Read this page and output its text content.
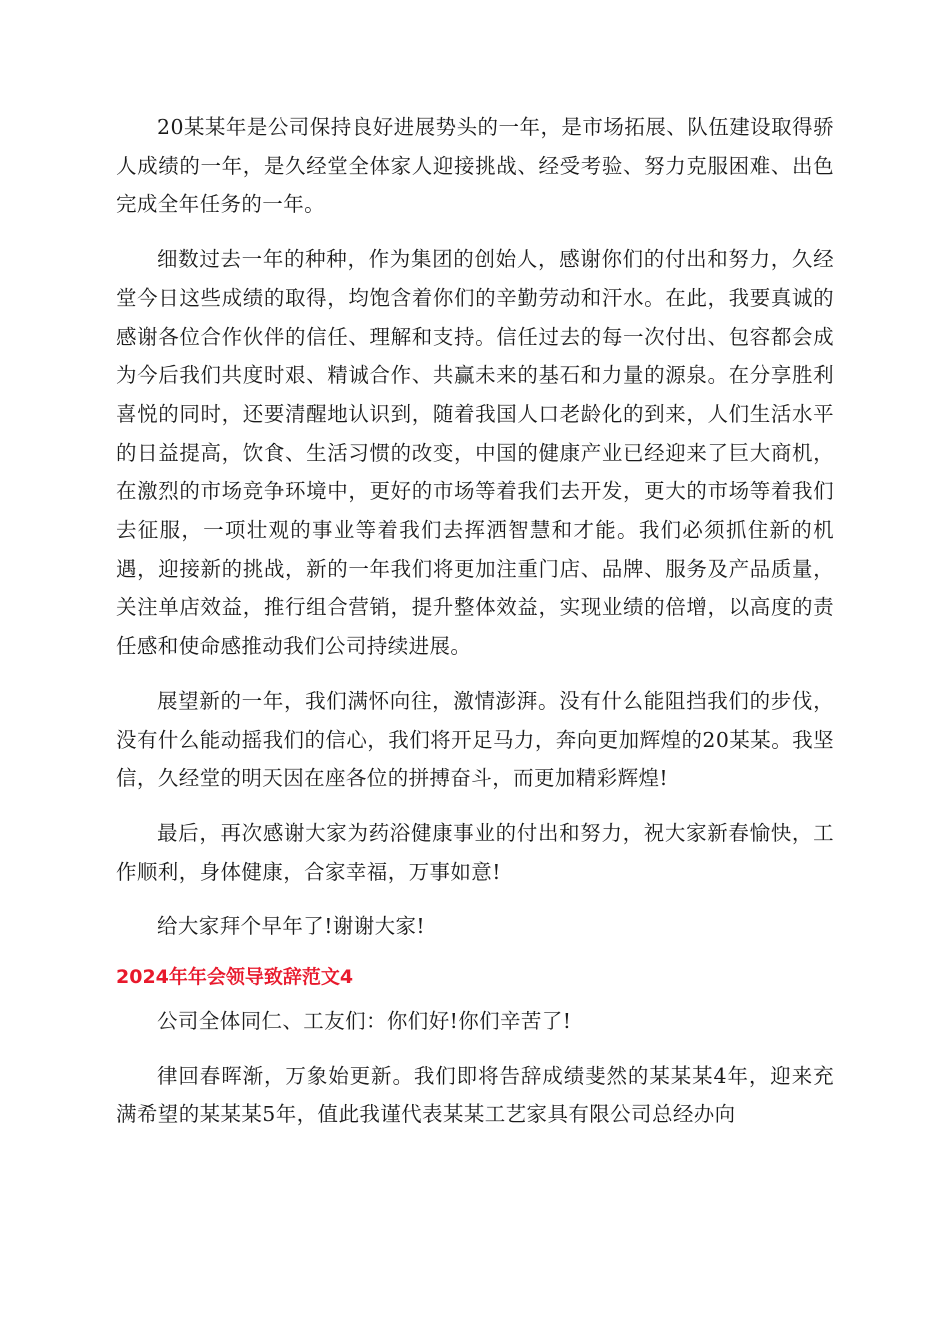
20某某年是公司保持良好进展势头的一年，是市场拓展、队伍建设取得骄人成绩的一年，是久经堂全体家人迎接挑战、经受考验、努力克服困难、出色完成全年任务的一年。

细数过去一年的种种，作为集团的创始人，感谢你们的付出和努力，久经堂今日这些成绩的取得，均饱含着你们的辛勤劳动和汗水。在此，我要真诚的感谢各位合作伙伴的信任、理解和支持。信任过去的每一次付出、包容都会成为今后我们共度时艰、精诚合作、共赢未来的基石和力量的源泉。在分享胜利喜悦的同时，还要清醒地认识到，随着我国人口老龄化的到来，人们生活水平的日益提高，饮食、生活习惯的改变，中国的健康产业已经迎来了巨大商机，在激烈的市场竞争环境中，更好的市场等着我们去开发，更大的市场等着我们去征服，一项壮观的事业等着我们去挥洒智慧和才能。我们必须抓住新的机遇，迎接新的挑战，新的一年我们将更加注重门店、品牌、服务及产品质量，关注单店效益，推行组合营销，提升整体效益，实现业绩的倍增，以高度的责任感和使命感推动我们公司持续进展。

展望新的一年，我们满怀向往，激情澎湃。没有什么能阻挡我们的步伐，没有什么能动摇我们的信心，我们将开足马力，奔向更加辉煌的20某某。我坚信，久经堂的明天因在座各位的拼搏奋斗，而更加精彩辉煌!

最后，再次感谢大家为药浴健康事业的付出和努力，祝大家新春愉快，工作顺利，身体健康，合家幸福，万事如意!

给大家拜个早年了!谢谢大家!

2024年年会领导致辞范文4

公司全体同仁、工友们：你们好!你们辛苦了!

律回春晖渐，万象始更新。我们即将告辞成绩斐然的某某某4年，迎来充满希望的某某某5年，值此我谨代表某某工艺家具有限公司总经办向
